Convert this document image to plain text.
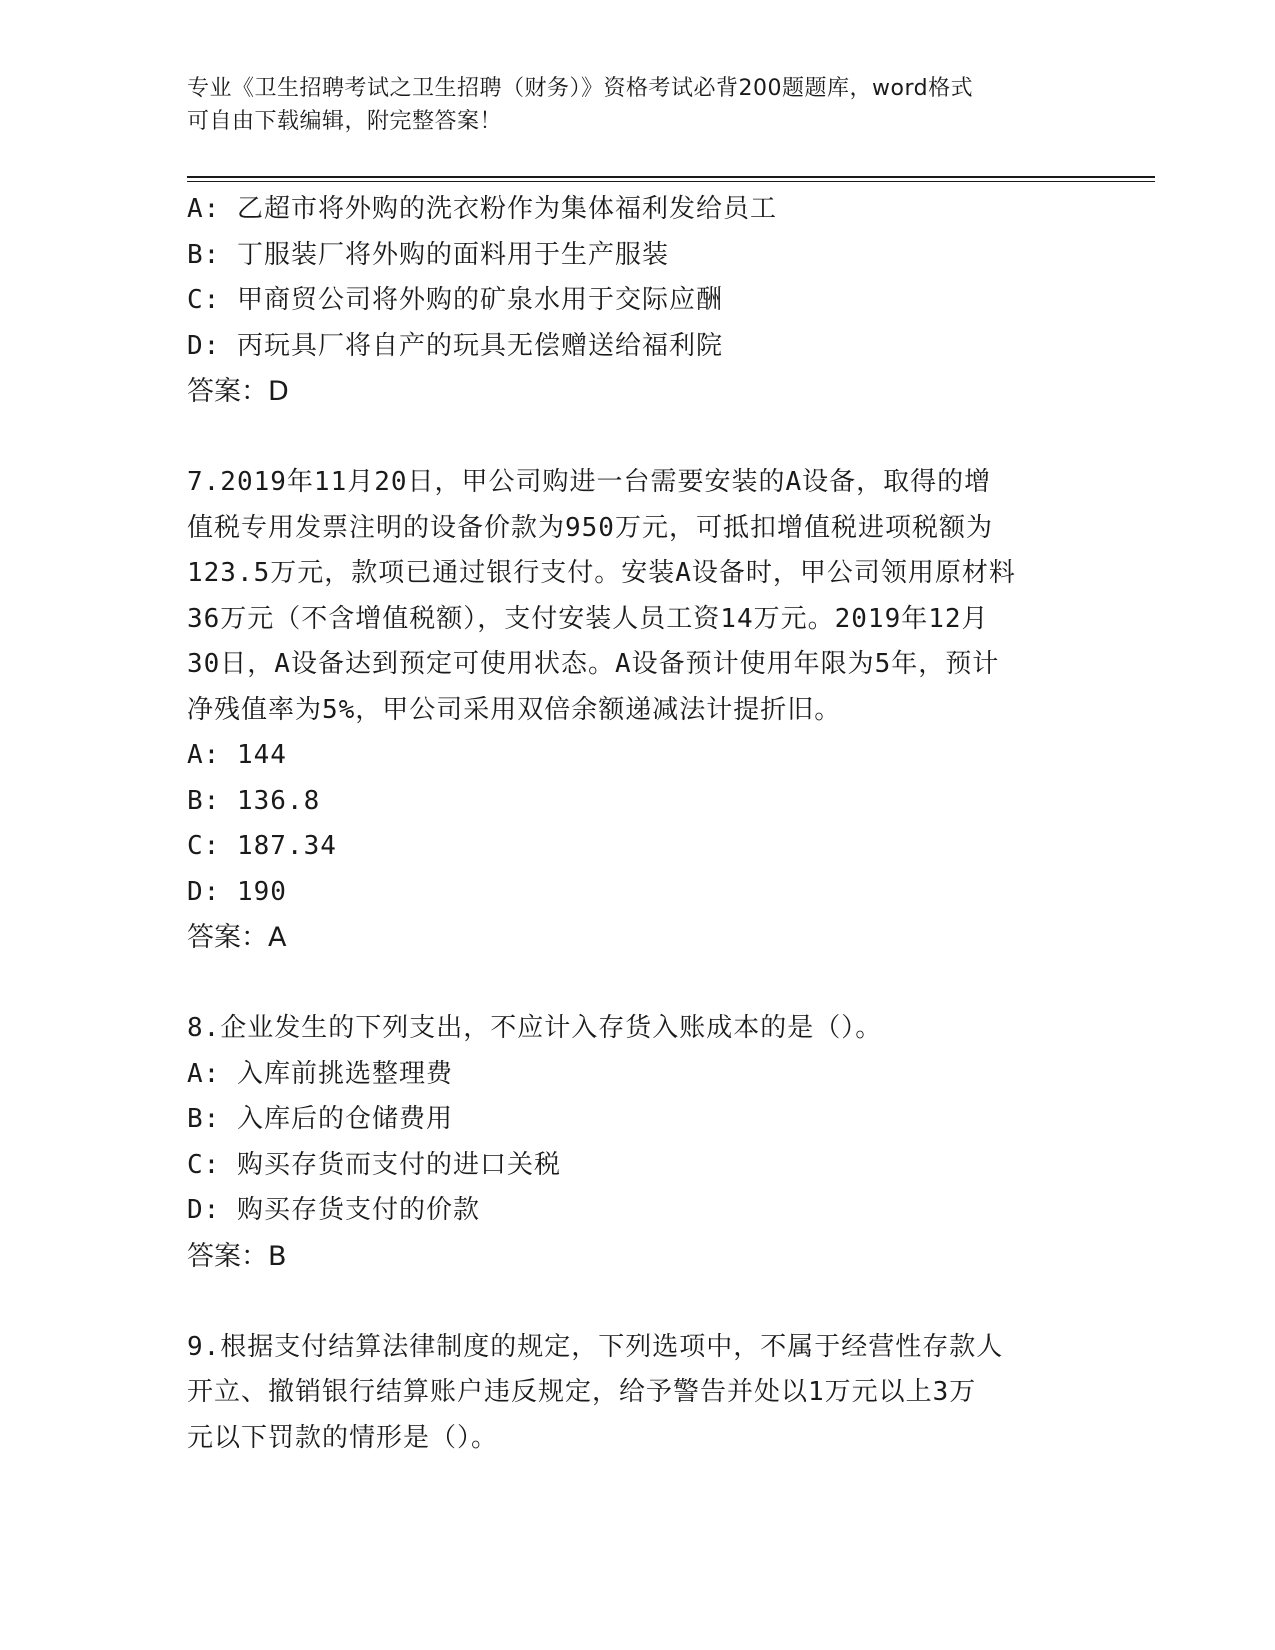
专业《卫生招聘考试之卫生招聘（财务）》资格考试必背200题题库，word格式
可自由下载编辑，附完整答案！
A: 乙超市将外购的洗衣粉作为集体福利发给员工
B: 丁服装厂将外购的面料用于生产服装
C: 甲商贸公司将外购的矿泉水用于交际应酬
D: 丙玩具厂将自产的玩具无偿赠送给福利院
答案：D
7.2019年11月20日，甲公司购进一台需要安装的A设备，取得的增
值税专用发票注明的设备价款为950万元，可抵扣增值税进项税额为
123.5万元，款项已通过银行支付。安装A设备时，甲公司领用原材料
36万元（不含增值税额），支付安装人员工资14万元。2019年12月
30日，A设备达到预定可使用状态。A设备预计使用年限为5年，预计
净残值率为5%，甲公司采用双倍余额递减法计提折旧。
A: 144
B: 136.8
C: 187.34
D: 190
答案：A
8.企业发生的下列支出，不应计入存货入账成本的是（）。
A: 入库前挑选整理费
B: 入库后的仓储费用
C: 购买存货而支付的进口关税
D: 购买存货支付的价款
答案：B
9.根据支付结算法律制度的规定，下列选项中，不属于经营性存款人
开立、撤销银行结算账户违反规定，给予警告并处以1万元以上3万
元以下罚款的情形是（）。
